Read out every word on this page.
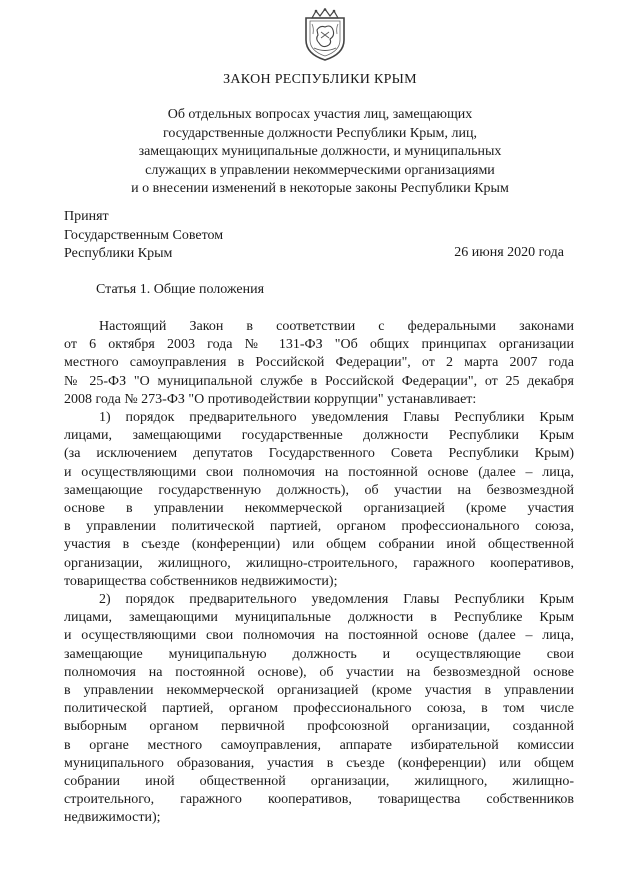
ЗАКОН РЕСПУБЛИКИ КРЫМ
Об отдельных вопросах участия лиц, замещающих
государственные должности Республики Крым, лиц,
замещающих муниципальные должности, и муниципальных
служащих в управлении некоммерческими организациями
и о внесении изменений в некоторые законы Республики Крым
Принят
Государственным Советом
Республики Крым	26 июня 2020 года
Статья 1. Общие положения
Настоящий Закон в соответствии с федеральными законами
от 6 октября 2003 года № 131-ФЗ "Об общих принципах организации
местного самоуправления в Российской Федерации", от 2 марта 2007 года
№ 25-ФЗ "О муниципальной службе в Российской Федерации", от 25 декабря
2008 года № 273-ФЗ "О противодействии коррупции" устанавливает:
1) порядок предварительного уведомления Главы Республики Крым
лицами, замещающими государственные должности Республики Крым
(за исключением депутатов Государственного Совета Республики Крым)
и осуществляющими свои полномочия на постоянной основе (далее – лица,
замещающие государственную должность), об участии на безвозмездной
основе в управлении некоммерческой организацией (кроме участия
в управлении политической партией, органом профессионального союза,
участия в съезде (конференции) или общем собрании иной общественной
организации, жилищного, жилищно-строительного, гаражного кооперативов,
товарищества собственников недвижимости);
2) порядок предварительного уведомления Главы Республики Крым
лицами, замещающими муниципальные должности в Республике Крым
и осуществляющими свои полномочия на постоянной основе (далее – лица,
замещающие муниципальную должность и осуществляющие свои
полномочия на постоянной основе), об участии на безвозмездной основе
в управлении некоммерческой организацией (кроме участия в управлении
политической партией, органом профессионального союза, в том числе
выборным органом первичной профсоюзной организации, созданной
в органе местного самоуправления, аппарате избирательной комиссии
муниципального образования, участия в съезде (конференции) или общем
собрании иной общественной организации, жилищного, жилищно-
строительного, гаражного кооперативов, товарищества собственников
недвижимости);
